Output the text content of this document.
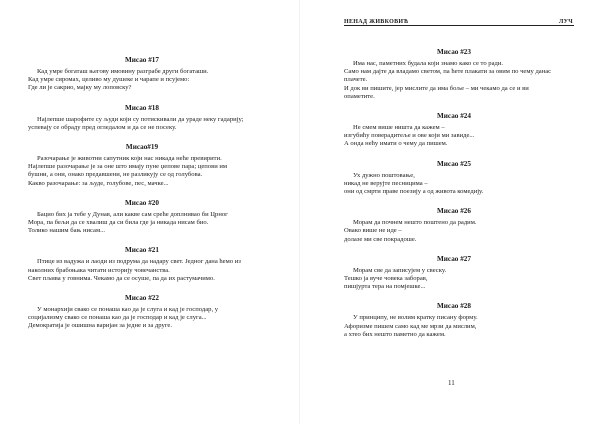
Мисао #17
Кад умре богаташ његову имовину разграбе други богаташи.
Кад умре сиромах, целиво му душеке и чарапе и псујемо:
Где ли је сакрио, мајку му лоповску?
Мисао #18
Најлепше шарофите су људи који су потискивали да ураде неку гадарију;
успевају се обраду пред огледалом и да се не посеку.
Мисао#19
Разочарање је животни сапутник који нас никада неће превирити.
Најлепше разочарање је за оне што имају пуне џепове пара; цепови им
бушни, а они, онако предавшени, не разликују се од голубова.
Какво разочарање: за људе, голубове, пес, мачке...
Мисао #20
Бацио бих ја тебе у Дунав, али какве сам среће доплнивао би Црног
Мора, па бељи да се хвалиш да си била где ја никада нисам био.
Толико нашим бањ нисам...
Мисао #21
Птице из вадужа и лаоди из подрума да надару свет. Једног дана ћемо из
наколних брабоњака читати историју човечанства.
Свет пљива у говнима. Чекамо да се осуше, па да их растумачимо.
Мисао #22
У монархији свако се понаша као да је слуга и кад је господар, у
социјализму свако се понаша као да је господар и кад је слуга...
Демократија је ошишна варијан за једне и за друге.
НЕНАД ЖИВКОВИЋ	ЛУЧ
Мисао #23
Има нас, паметних будала који знамо како се то ради.
Само нам дајте да владамо светом, па ћете плакати за овим по чему данас
плачете.
И док ви пишите, јер мислите да има боље – ми чекамо да се и ви
опаметите.
Мисао #24
Не смем више ништа да кажем –
изгубићу поверадитеље и ове који ми завиде...
А онда нећу имати о чему да пишем.
Мисао #25
Ух дужно поштовање,
никад не верујте песницима –
они од смрти праве поезију а од живота комедију.
Мисао #26
Морам да почнем нешто поштено да радим.
Овако више не иде –
долазе ми све покрадоше.
Мисао #27
Морам све да записујем у свеску.
Тешко ја вуче човека заборав,
пишјурта тера на помјешке...
Мисао #28
У принципу, не волим кратку писану форму.
Афоризме пишем само кад ме мрзи да мислим,
а хтео бих нешто паметно да кажем.
11
